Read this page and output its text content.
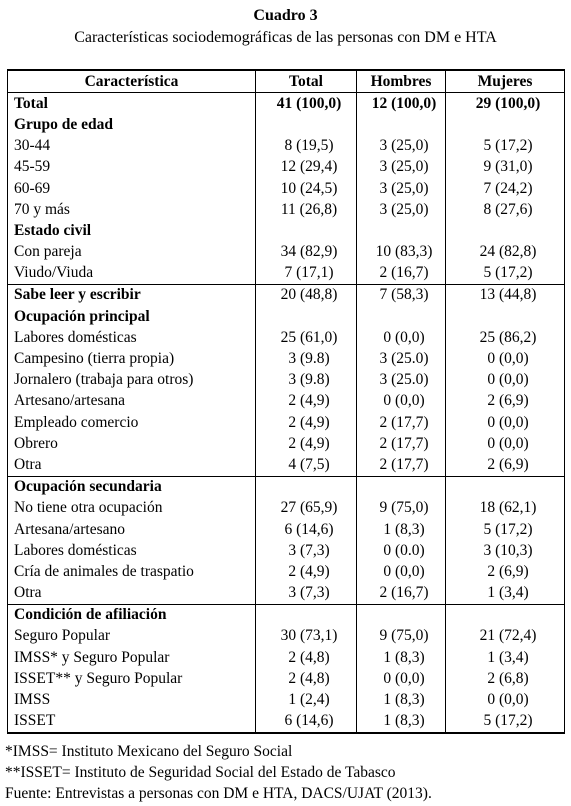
Cuadro 3
Características sociodemográficas de las personas con DM e HTA
Característica	Total	Hombres	Mujeres
Total	41 (100,0)	12 (100,0)	29 (100,0)
Grupo de edad			
30-44	8 (19,5)	3 (25,0)	5 (17,2)
45-59	12 (29,4)	3 (25,0)	9 (31,0)
60-69	10 (24,5)	3 (25,0)	7 (24,2)
70 y más	11 (26,8)	3 (25,0)	8 (27,6)
Estado civil			
Con pareja	34 (82,9)	10 (83,3)	24 (82,8)
Viudo/Viuda	7 (17,1)	2 (16,7)	5 (17,2)
Sabe leer y escribir	20 (48,8)	7 (58,3)	13 (44,8)
Ocupación principal			
Labores domésticas	25 (61,0)	0 (0,0)	25 (86,2)
Campesino (tierra propia)	3 (9.8)	3 (25.0)	0 (0,0)
Jornalero (trabaja para otros)	3 (9.8)	3 (25.0)	0 (0,0)
Artesano/artesana	2 (4,9)	0 (0,0)	2 (6,9)
Empleado comercio	2 (4,9)	2 (17,7)	0 (0,0)
Obrero	2 (4,9)	2 (17,7)	0 (0,0)
Otra	4 (7,5)	2 (17,7)	2 (6,9)
Ocupación secundaria			
No tiene otra ocupación	27 (65,9)	9 (75,0)	18 (62,1)
Artesana/artesano	6 (14,6)	1 (8,3)	5 (17,2)
Labores domésticas	3 (7,3)	0 (0.0)	3 (10,3)
Cría de animales de traspatio	2 (4,9)	0 (0,0)	2 (6,9)
Otra	3 (7,3)	2 (16,7)	1 (3,4)
Condición de afiliación			
Seguro Popular	30 (73,1)	9 (75,0)	21 (72,4)
IMSS* y Seguro Popular	2 (4,8)	1 (8,3)	1 (3,4)
ISSET** y Seguro Popular	2 (4,8)	0 (0,0)	2 (6,8)
IMSS	1 (2,4)	1 (8,3)	0 (0,0)
ISSET	6 (14,6)	1 (8,3)	5 (17,2)
*IMSS= Instituto Mexicano del Seguro Social
**ISSET= Instituto de Seguridad Social del Estado de Tabasco
Fuente: Entrevistas a personas con DM e HTA, DACS/UJAT (2013).
